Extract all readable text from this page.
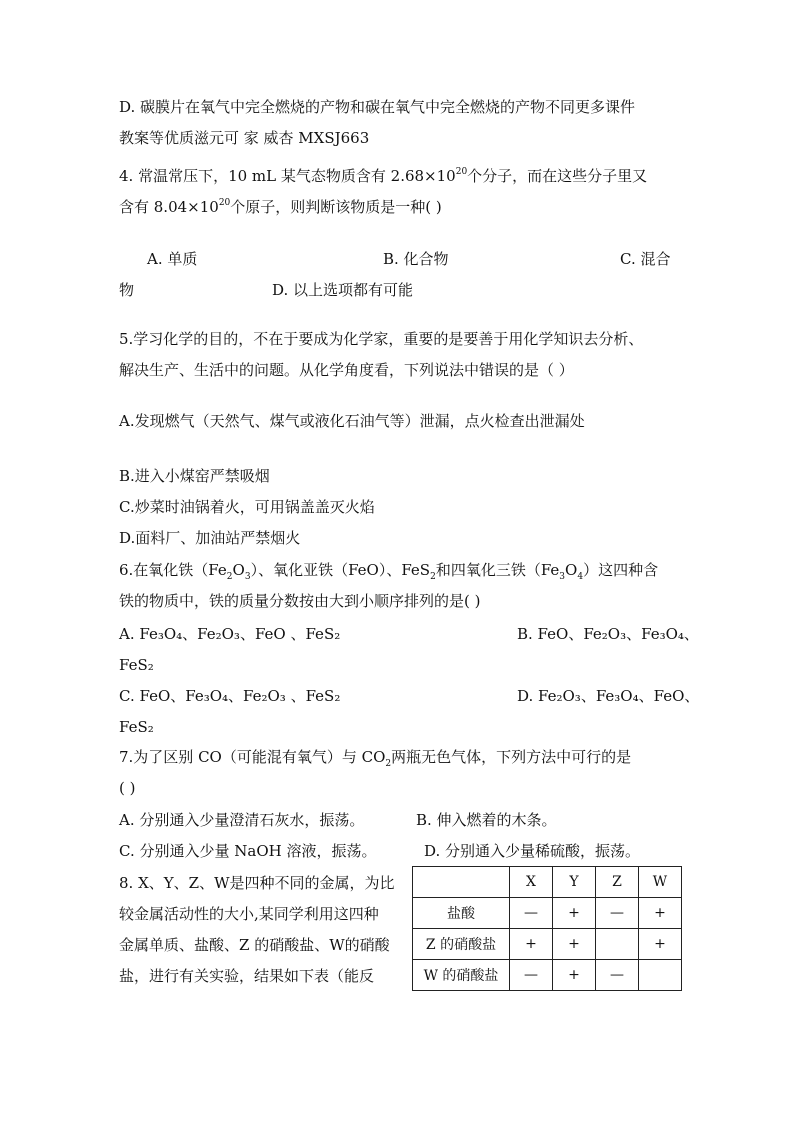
D. 碳膜片在氧气中完全燃烧的产物和碳在氧气中完全燃烧的产物不同更多课件
教案等优质滋元可 家 威杏 MXSJ663
4. 常温常压下，10 mL 某气态物质含有 $2.68\times 10^{20}$个分子，而在这些分子里又
含有 $8.04\times 10^{20}$个原子，则判断该物质是一种( )
A. 单质	B. 化合物	C. 混合
物	D. 以上选项都有可能
5.学习化学的目的，不在于要成为化学家，重要的是要善于用化学知识去分析、
解决生产、生活中的问题。从化学角度看，下列说法中错误的是（ ）
A.发现燃气（天然气、煤气或液化石油气等）泄漏，点火检查出泄漏处
B.进入小煤窑严禁吸烟
C.炒菜时油锅着火，可用锅盖盖灭火焰
D.面料厂、加油站严禁烟火
6.在氧化铁$(Fe_2O_3)$、氧化亚铁（FeO）、FeS$_2$和四氧化三铁$(Fe_3O_4)$这四种含
铁的物质中，铁的质量分数按由大到小顺序排列的是( )
A. Fe₃O₄、Fe₂O₃、FeO 、FeS₂	B. FeO、Fe₂O₃、Fe₃O₄、
FeS₂
C. FeO、Fe₃O₄、Fe₂O₃ 、FeS₂	D. Fe₂O₃、Fe₃O₄、FeO、
FeS₂
7.为了区别 CO（可能混有氧气）与 $CO_2$两瓶无色气体，下列方法中可行的是
( )
A. 分别通入少量澄清石灰水，振荡。	B. 伸入燃着的木条。
C. 分别通入少量 NaOH 溶液，振荡。	D. 分别通入少量稀硫酸，振荡。
8. X、Y、Z、W是四种不同的金属，为比
较金属活动性的大小,某同学利用这四种
金属单质、盐酸、Z 的硝酸盐、W的硝酸
盐，进行有关实验，结果如下表（能反
	X	Y	Z	W
盐酸	—	+	—	+
Z 的硝酸盐	+	+		+
W 的硝酸盐	—	+	—	
